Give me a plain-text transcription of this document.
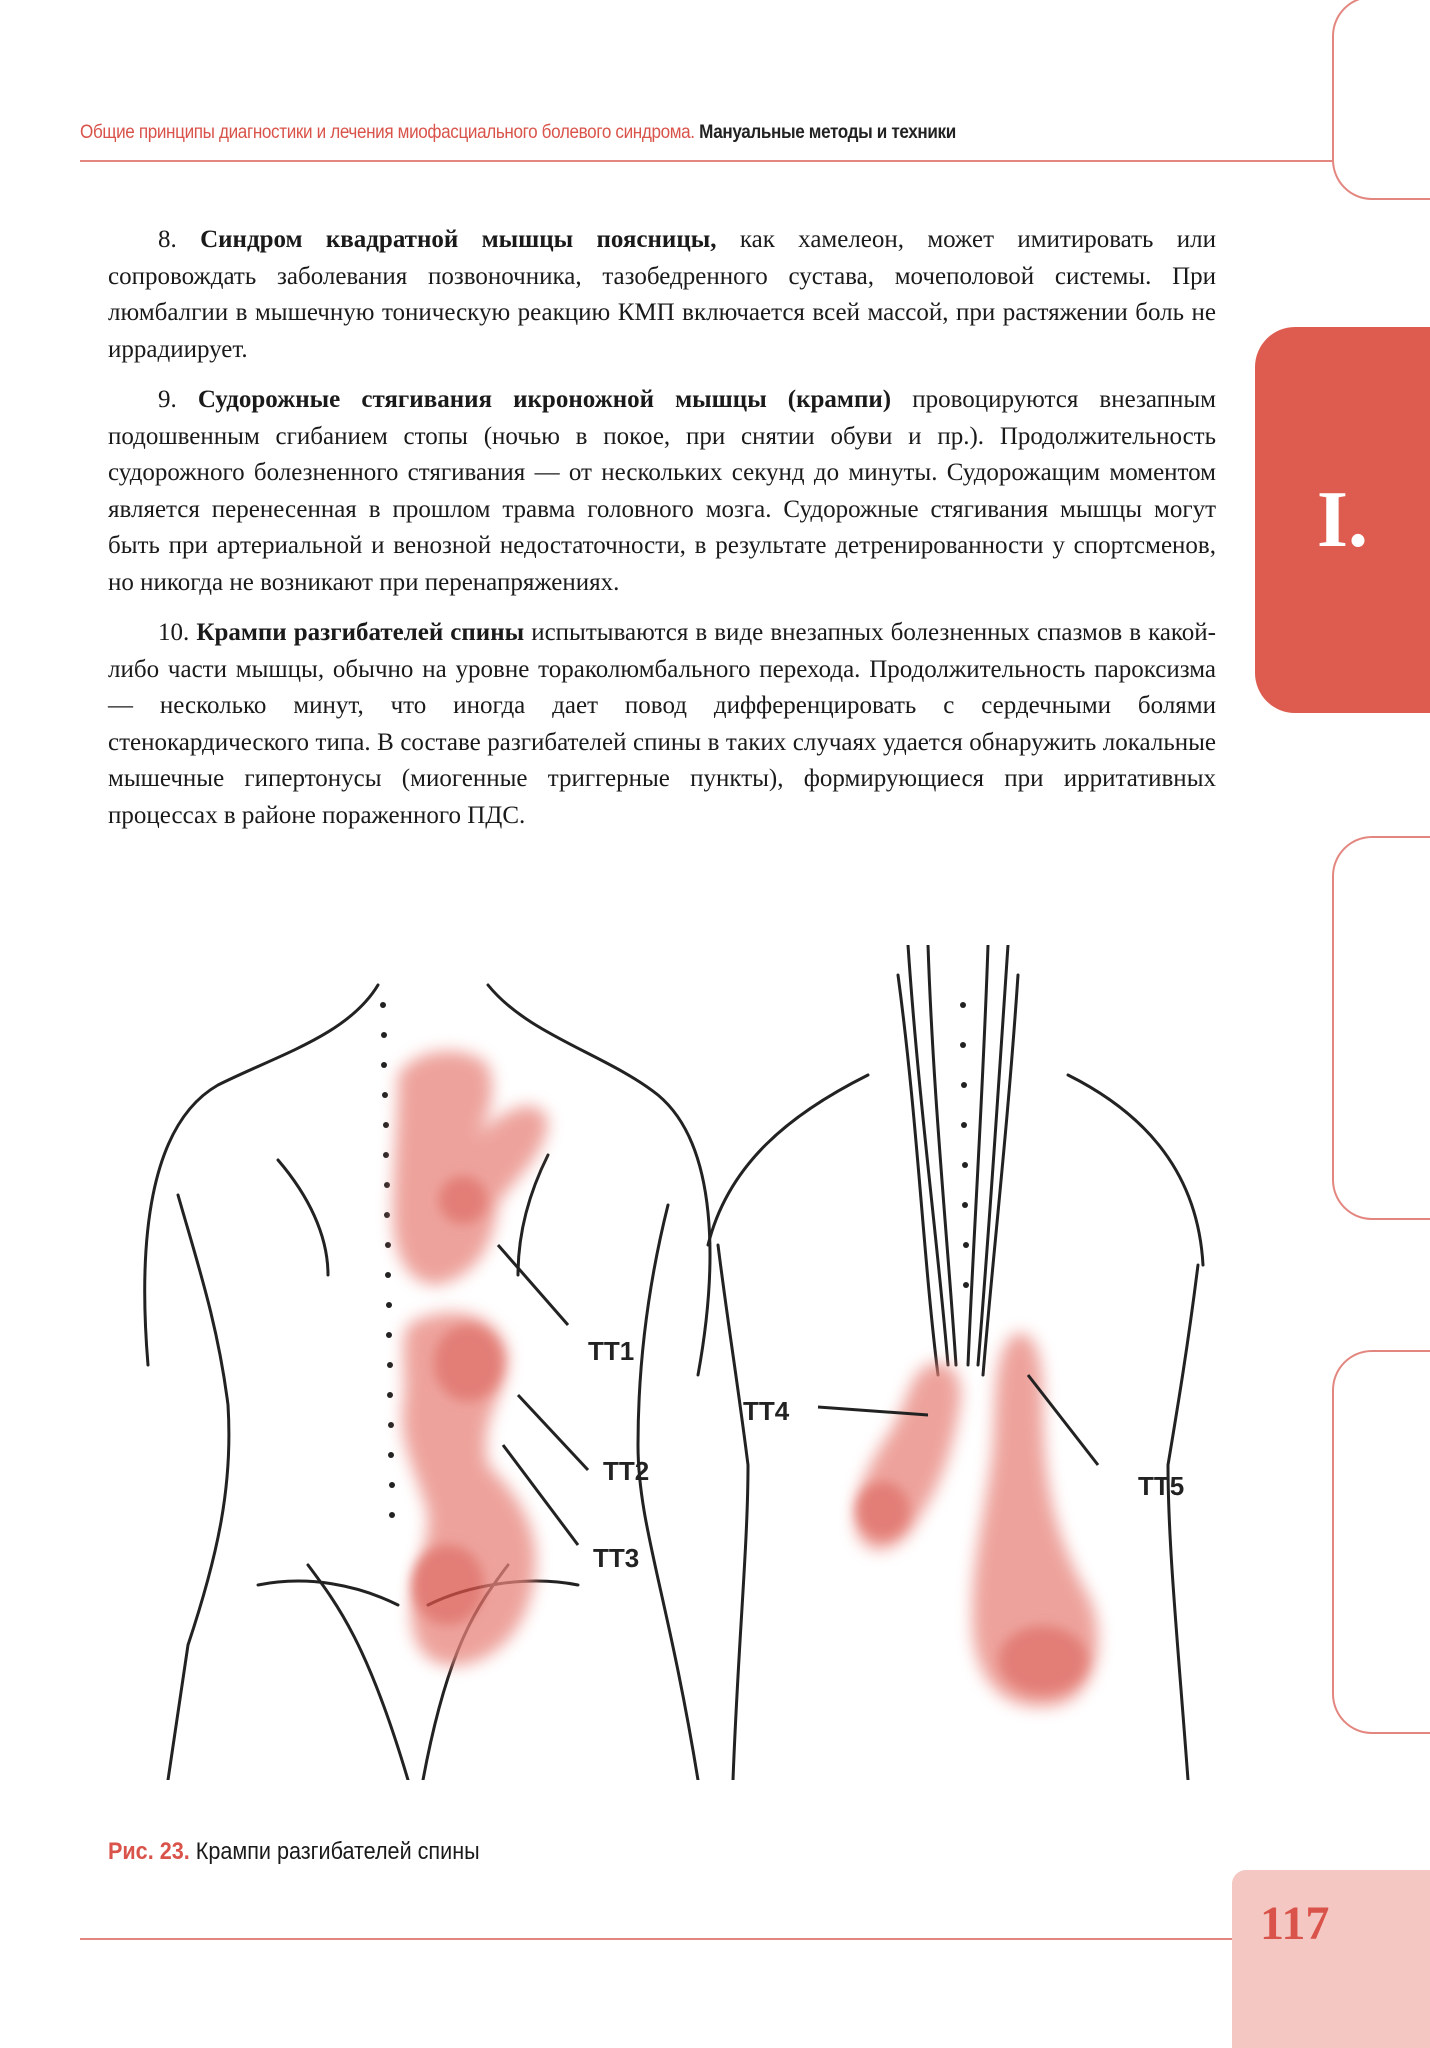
Общие принципы диагностики и лечения миофасциального болевого синдрома. Мануальные методы и техники
I.

8. Синдром квадратной мышцы поясницы, как хамелеон, может имитировать или сопровождать заболевания позвоночника, тазобедренного сустава, мочеполовой системы. При люмбалгии в мышечную тоническую реакцию КМП включается всей массой, при растяжении боль не иррадиирует.

9. Судорожные стягивания икроножной мышцы (крампи) провоцируются внезапным подошвенным сгибанием стопы (ночью в покое, при снятии обуви и пр.). Продолжительность судорожного болезненного стягивания — от нескольких секунд до минуты. Судорожащим моментом является перенесенная в прошлом травма головного мозга. Судорожные стягивания мышцы могут быть при артериальной и венозной недостаточности, в результате детренированности у спортсменов, но никогда не возникают при перенапряжениях.

10. Крампи разгибателей спины испытываются в виде внезапных болезненных спазмов в какой-либо части мышцы, обычно на уровне тораколюмбального перехода. Продолжительность пароксизма — несколько минут, что иногда дает повод дифференцировать с сердечными болями стенокардического типа. В составе разгибателей спины в таких случаях удается обнаружить локальные мышечные гипертонусы (миогенные триггерные пункты), формирующиеся при ирритативных процессах в районе пораженного ПДС.

ТТ1
ТТ2
ТТ3
ТТ4
ТТ5
Рис. 23. Крампи разгибателей спины
117
